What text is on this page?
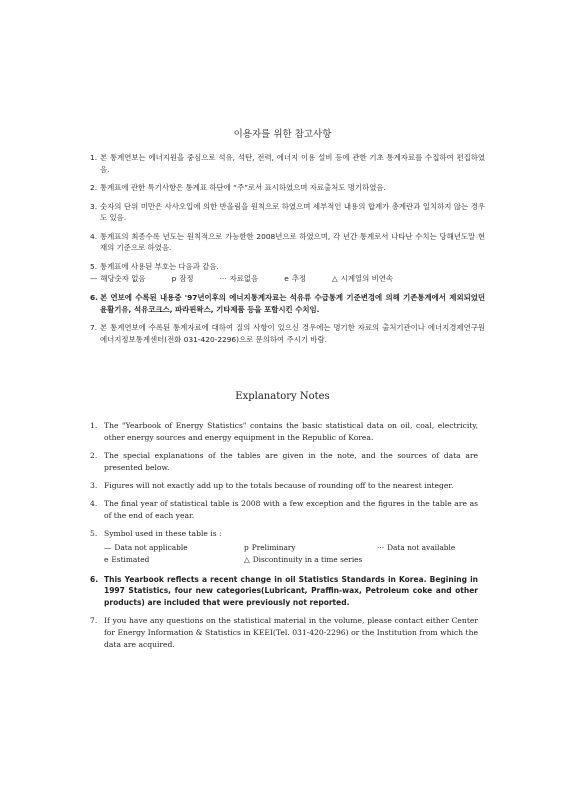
이용자를 위한 참고사항
1. 본 통계연보는 에너지원을 중심으로 석유, 석탄, 전력, 에너지 이용 설비 등에 관한 기초 통계자료를 수집하여 편집하였음.
2. 통계표에 관한 특기사항은 통계표 하단에 “주”로서 표시하였으며 자료출처도 명기하였음.
3. 숫자의 단위 미만은 사사오입에 의한 반올림을 원칙으로 하였으며 세부적인 내용의 합계가 총계란과 일치하지 않는 경우도 있음.
4. 통계표의 최종수록 년도는 원칙적으로 가능한한 2008년으로 하였으며, 각 년간 통계로서 나타난 수치는 당해년도말 현재의 기준으로 하였음.
5. 통계표에 사용된 부호는 다음과 같음.
— 해당숫자 없음	p 잠정	··· 자료없음	e 추정	△ 시계열의 비연속
6. 본 연보에 수록된 내용중 '97년이후의 에너지통계자료는 석유류 수급통계 기준변경에 의해 기존통계에서 제외되었던 윤활기유, 석유코크스, 파라핀왁스, 기타제품 등을 포함시킨 수치임.
7. 본 통계연보에 수록된 통계자료에 대하여 질의 사항이 있으신 경우에는 명기한 자료의 출처기관이나 에너지경제연구원 에너지정보통계센터(전화 031-420-2296)으로 문의하여 주시기 바람.
Explanatory Notes
1. The "Yearbook of Energy Statistics" contains the basic statistical data on oil, coal, electricity, other energy sources and energy equipment in the Republic of Korea.
2. The special explanations of the tables are given in the note, and the sources of data are presented below.
3. Figures will not exactly add up to the totals because of rounding off to the nearest integer.
4. The final year of statistical table is 2008 with a few exception and the figures in the table are as of the end of each year.
5. Symbol used in these table is :
— Data not applicable	p Preliminary	··· Data not available
e Estimated	△ Discontinuity in a time series
6. This Yearbook reflects a recent change in oil Statistics Standards in Korea. Begining in 1997 Statistics, four new categories(Lubricant, Praffin-wax, Petroleum coke and other products) are included that were previously not reported.
7. If you have any questions on the statistical material in the volume, please contact either Center for Energy Information & Statistics in KEEI(Tel. 031-420-2296) or the Institution from which the data are acquired.
